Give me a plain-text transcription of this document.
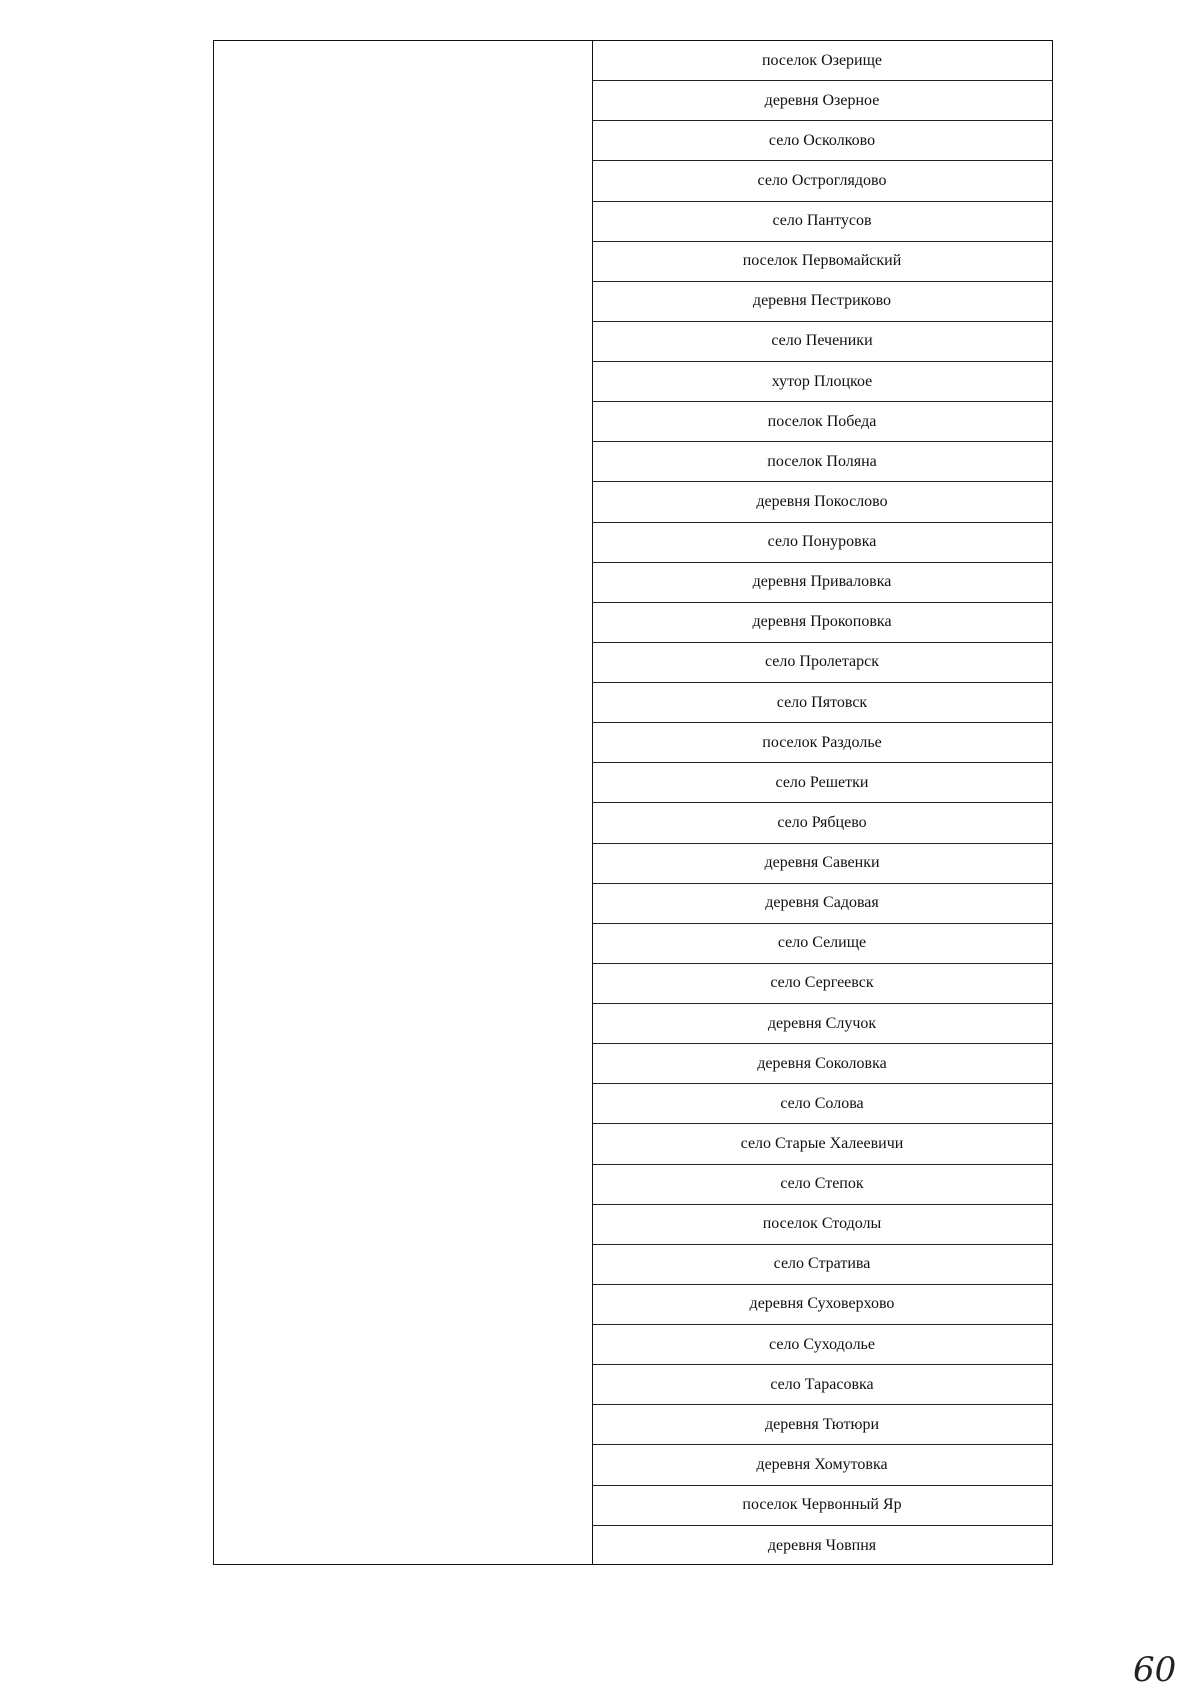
поселок Озерище
деревня Озерное
село Осколково
село Остроглядово
село Пантусов
поселок Первомайский
деревня Пестриково
село Печеники
хутор Плоцкое
поселок Победа
поселок Поляна
деревня Покослово
село Понуровка
деревня Приваловка
деревня Прокоповка
село Пролетарск
село Пятовск
поселок Раздолье
село Решетки
село Рябцево
деревня Савенки
деревня Садовая
село Селище
село Сергеевск
деревня Случок
деревня Соколовка
село Солова
село Старые Халеевичи
село Степок
поселок Стодолы
село Стратива
деревня Суховерхово
село Суходолье
село Тарасовка
деревня Тютюри
деревня Хомутовка
поселок Червонный Яр
деревня Човпня
60
